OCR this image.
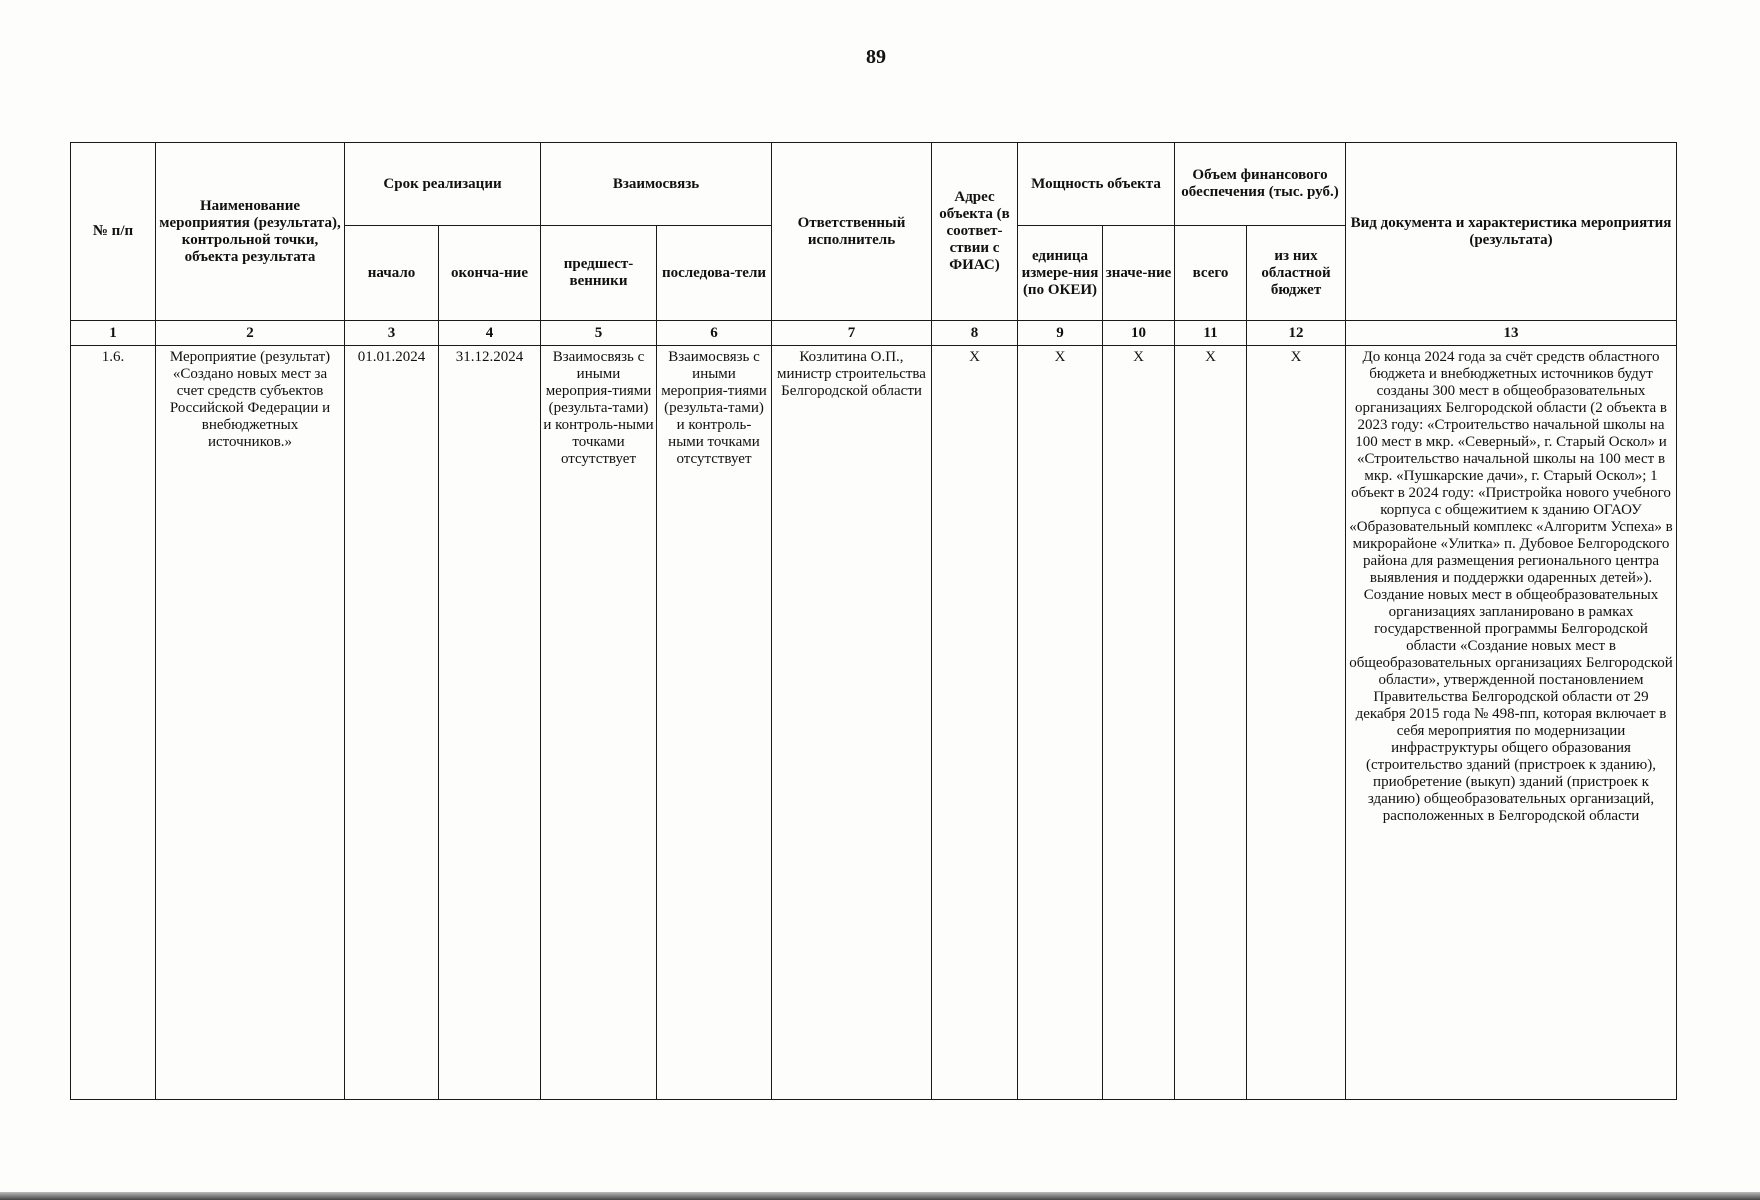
89
№ п/п	Наименование мероприятия (результата), контрольной точки, объекта результата	Срок реализации		Взаимосвязь		Ответственный исполнитель	Адрес объекта (в соответ-ствии с ФИАС)	Мощность объекта		Объем финансового обеспечения (тыс. руб.)		Вид документа и характеристика мероприятия (результата)
		начало	оконча-ние	предшест-венники	последова-тели			единица измере-ния (по ОКЕИ)	значе-ние	всего	из них областной бюджет	
1	2	3	4	5	6	7	8	9	10	11	12	13
1.6.	Мероприятие (результат) «Создано новых мест за счет средств субъектов Российской Федерации и внебюджетных источников.»	01.01.2024	31.12.2024	Взаимосвязь с иными мероприя-тиями (результа-тами) и контроль-ными точками отсутствует	Взаимосвязь с иными мероприя-тиями (результа-тами) и контроль-ными точками отсутствует	Козлитина О.П., министр строительства Белгородской области	X	X	X	X	X	До конца 2024 года за счёт средств областного бюджета и внебюджетных источников будут созданы 300 мест в общеобразовательных организациях Белгородской области (2 объекта в 2023 году: «Строительство начальной школы на 100 мест в мкр. «Северный», г. Старый Оскол» и «Строительство начальной школы на 100 мест в мкр. «Пушкарские дачи», г. Старый Оскол»; 1 объект в 2024 году: «Пристройка нового учебного корпуса с общежитием к зданию ОГАОУ «Образовательный комплекс «Алгоритм Успеха» в микрорайоне «Улитка» п. Дубовое Белгородского района для размещения регионального центра выявления и поддержки одаренных детей»). Создание новых мест в общеобразовательных организациях запланировано в рамках государственной программы Белгородской области «Создание новых мест в общеобразовательных организациях Белгородской области», утвержденной постановлением Правительства Белгородской области от 29 декабря 2015 года № 498-пп, которая включает в себя мероприятия по модернизации инфраструктуры общего образования (строительство зданий (пристроек к зданию), приобретение (выкуп) зданий (пристроек к зданию) общеобразовательных организаций, расположенных в Белгородской области
